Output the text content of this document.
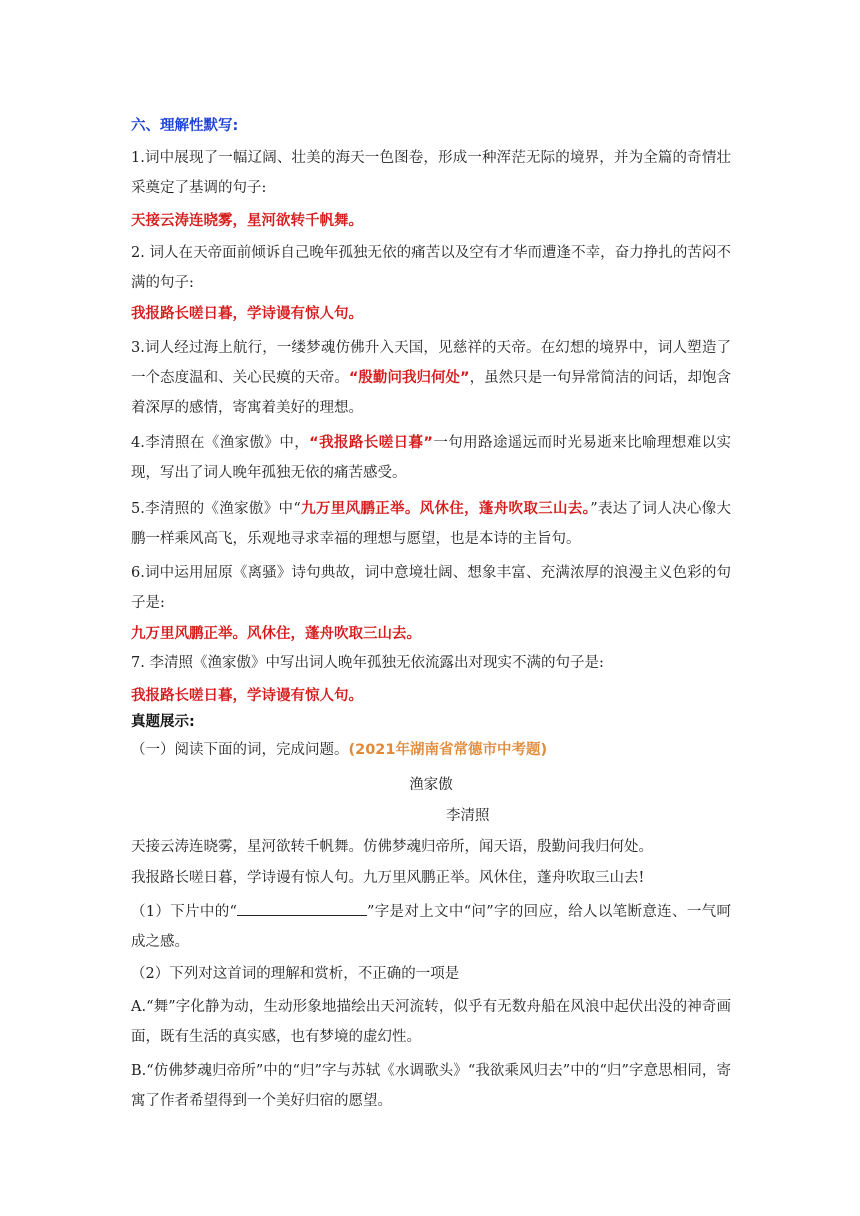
六、理解性默写:
1.词中展现了一幅辽阔、壮美的海天一色图卷，形成一种浑茫无际的境界，并为全篇的奇情壮采奠定了基调的句子:
天接云涛连晓雾，星河欲转千帆舞。
2. 词人在天帝面前倾诉自己晚年孤独无依的痛苦以及空有才华而遭逢不幸，奋力挣扎的苦闷不满的句子:
我报路长嗟日暮，学诗谩有惊人句。
3.词人经过海上航行，一缕梦魂仿佛升入天国，见慈祥的天帝。在幻想的境界中，词人塑造了一个态度温和、关心民瘼的天帝。“殷勤问我归何处”，虽然只是一句异常简洁的问话，却饱含着深厚的感情，寄寓着美好的理想。
4.李清照在《渔家傲》中，“我报路长嗟日暮”一句用路途遥远而时光易逝来比喻理想难以实现，写出了词人晚年孤独无依的痛苦感受。
5.李清照的《渔家傲》中“九万里风鹏正举。风休住，蓬舟吹取三山去。”表达了词人决心像大鹏一样乘风高飞，乐观地寻求幸福的理想与愿望，也是本诗的主旨句。
6.词中运用屈原《离骚》诗句典故，词中意境壮阔、想象丰富、充满浓厚的浪漫主义色彩的句子是:
九万里风鹏正举。风休住，蓬舟吹取三山去。
7. 李清照《渔家傲》中写出词人晚年孤独无依流露出对现实不满的句子是:
我报路长嗟日暮，学诗谩有惊人句。
真题展示:
（一）阅读下面的词，完成问题。(2021年湖南省常德市中考题)
渔家傲
李清照
天接云涛连晓雾，星河欲转千帆舞。仿佛梦魂归帝所，闻天语，殷勤问我归何处。
我报路长嗟日暮，学诗谩有惊人句。九万里风鹏正举。风休住，蓬舟吹取三山去!
（1）下片中的“	”字是对上文中“问”字的回应，给人以笔断意连、一气呵成之感。
（2）下列对这首词的理解和赏析，不正确的一项是
A.“舞”字化静为动，生动形象地描绘出天河流转，似乎有无数舟船在风浪中起伏出没的神奇画面，既有生活的真实感，也有梦境的虚幻性。
B.“仿佛梦魂归帝所”中的“归”字与苏轼《水调歌头》“我欲乘风归去”中的“归”字意思相同，寄寓了作者希望得到一个美好归宿的愿望。
